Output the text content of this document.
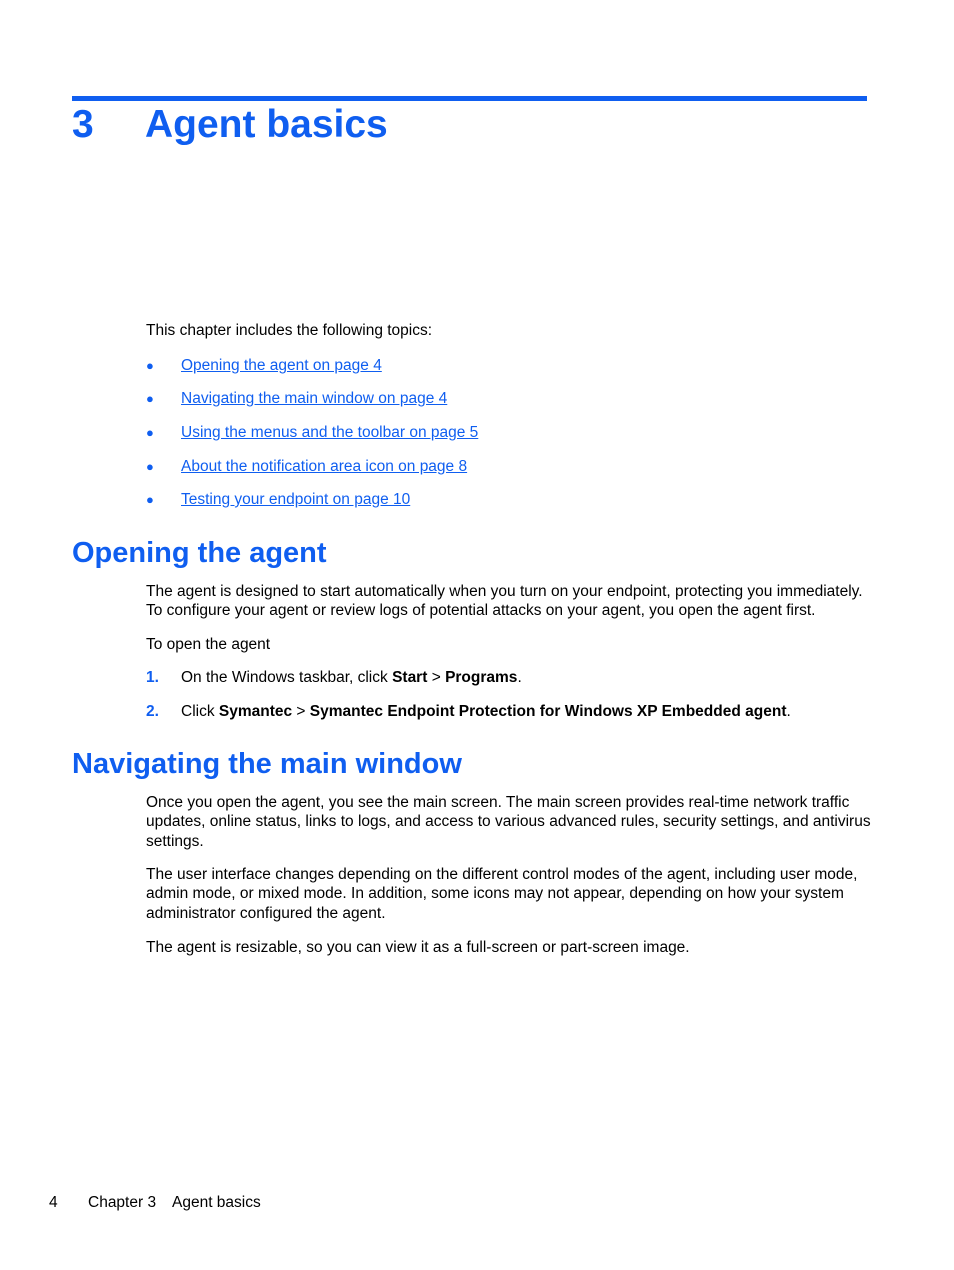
3 Agent basics

This chapter includes the following topics:

● Opening the agent on page 4
● Navigating the main window on page 4
● Using the menus and the toolbar on page 5
● About the notification area icon on page 8
● Testing your endpoint on page 10
Opening the agent

The agent is designed to start automatically when you turn on your endpoint, protecting you immediately. To configure your agent or review logs of potential attacks on your agent, you open the agent first.

To open the agent

1. On the Windows taskbar, click Start > Programs.
2. Click Symantec > Symantec Endpoint Protection for Windows XP Embedded agent.
Navigating the main window

Once you open the agent, you see the main screen. The main screen provides real-time network traffic updates, online status, links to logs, and access to various advanced rules, security settings, and antivirus settings.

The user interface changes depending on the different control modes of the agent, including user mode, admin mode, or mixed mode. In addition, some icons may not appear, depending on how your system administrator configured the agent.

The agent is resizable, so you can view it as a full-screen or part-screen image.

4 Chapter 3 Agent basics
